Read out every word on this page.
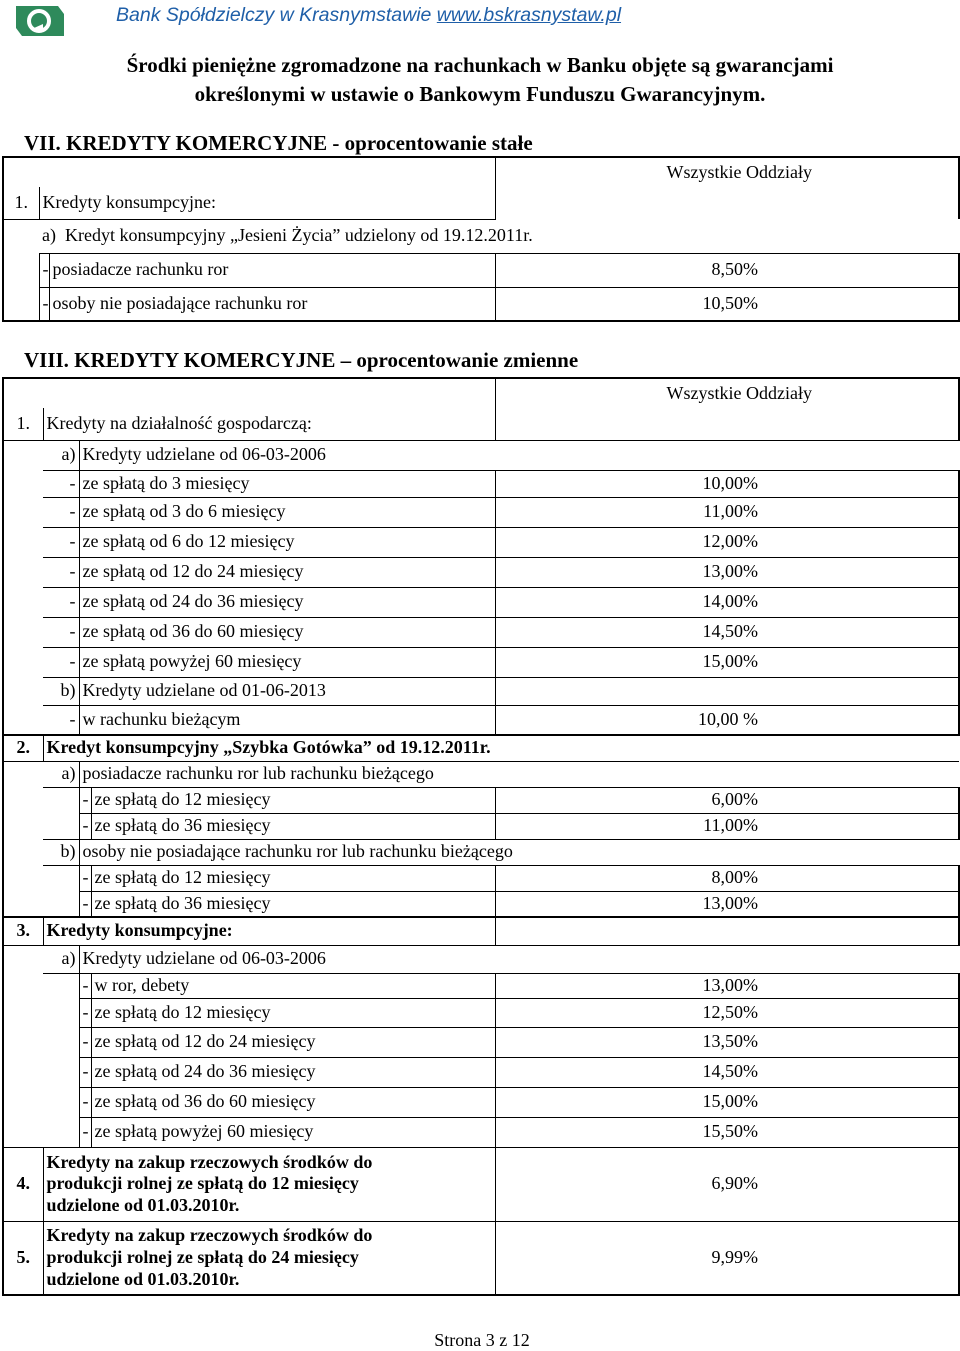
Bank Spółdzielczy w Krasnymstawie www.bskrasnystaw.pl
Środki pieniężne zgromadzone na rachunkach w Banku objęte są gwarancjami
określonymi w ustawie o Bankowym Funduszu Gwarancyjnym.
VII. KREDYTY KOMERCYJNE - oprocentowanie stałe
			Wszystkie Oddziały
1.	Kredyty konsumpcyjne:		
	a) Kredyt konsumpcyjny „Jesieni Życia” udzielony od 19.12.2011r.		
	-	posiadacze rachunku ror	8,50%
	-	osoby nie posiadające rachunku ror	10,50%
VIII. KREDYTY KOMERCYJNE – oprocentowanie zmienne
				Wszystkie Oddziały
1.	Kredyty na działalność gospodarczą:			
	a)	Kredyty udzielane od 06-03-2006		
	-	ze spłatą do 3 miesięcy		10,00%
	-	ze spłatą od 3 do 6 miesięcy		11,00%
	-	ze spłatą od 6 do 12 miesięcy		12,00%
	-	ze spłatą od 12 do 24 miesięcy		13,00%
	-	ze spłatą od 24 do 36 miesięcy		14,00%
	-	ze spłatą od 36 do 60 miesięcy		14,50%
	-	ze spłatą powyżej 60 miesięcy		15,00%
	b)	Kredyty udzielane od 01-06-2013		
	-	w rachunku bieżącym		10,00 %
2.	Kredyt konsumpcyjny „Szybka Gotówka” od 19.12.2011r.			
	a)	posiadacze rachunku ror lub rachunku bieżącego		
		-	ze spłatą do 12 miesięcy	6,00%
		-	ze spłatą do 36 miesięcy	11,00%
	b)	osoby nie posiadające rachunku ror lub rachunku bieżącego		
		-	ze spłatą do 12 miesięcy	8,00%
		-	ze spłatą do 36 miesięcy	13,00%
3.	Kredyty konsumpcyjne:			
	a)	Kredyty udzielane od 06-03-2006		
		-	w ror, debety	13,00%
		-	ze spłatą do 12 miesięcy	12,50%
		-	ze spłatą od 12 do 24 miesięcy	13,50%
		-	ze spłatą od 24 do 36 miesięcy	14,50%
		-	ze spłatą od 36 do 60 miesięcy	15,00%
		-	ze spłatą powyżej 60 miesięcy	15,50%
4.	Kredyty na zakup rzeczowych środków do
produkcji rolnej ze spłatą do 12 miesięcy
udzielone od 01.03.2010r.			6,90%
5.	Kredyty na zakup rzeczowych środków do
produkcji rolnej ze spłatą do 24 miesięcy
udzielone od 01.03.2010r.			9,99%
Strona 3 z 12
